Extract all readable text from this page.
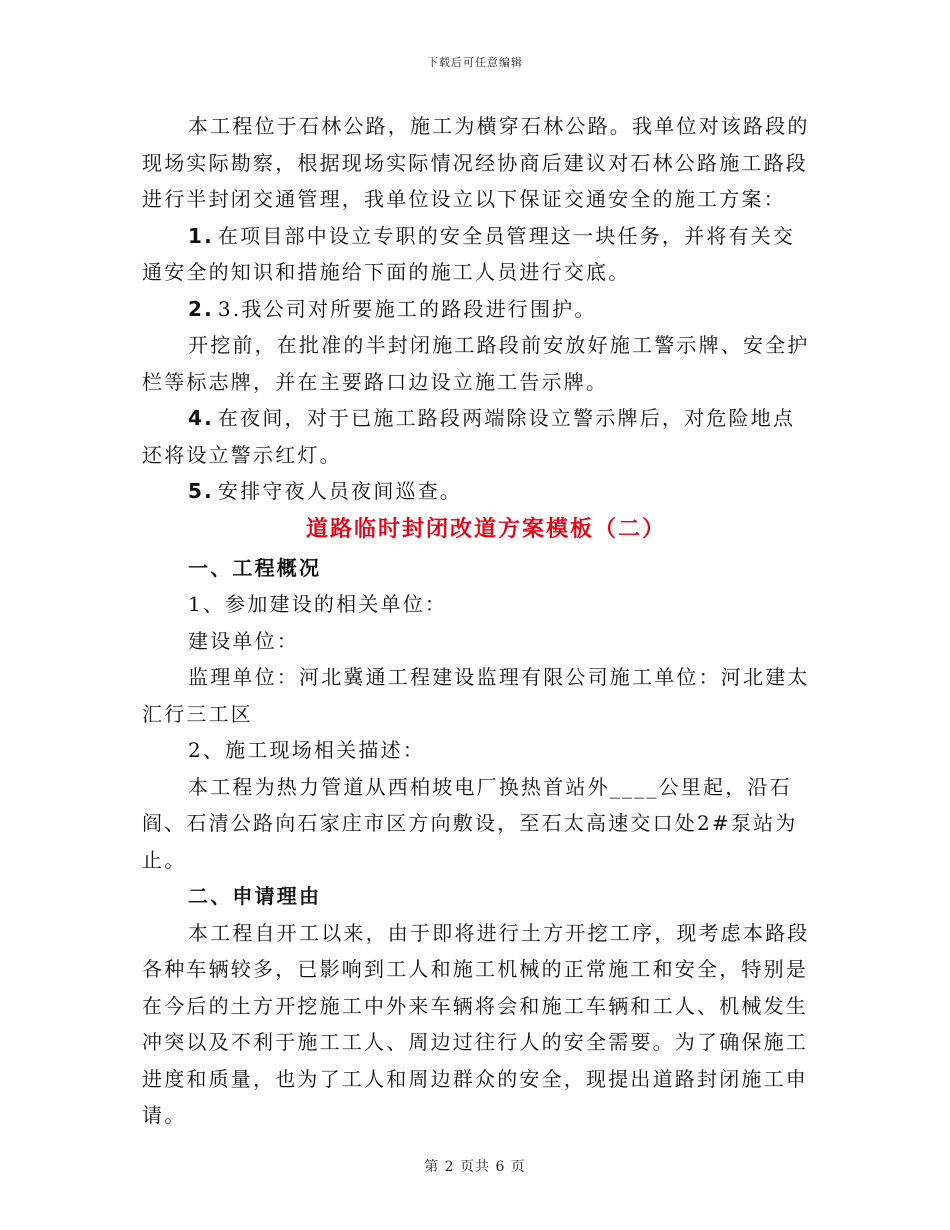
下载后可任意编辑

本工程位于石林公路，施工为横穿石林公路。我单位对该路段的现场实际勘察，根据现场实际情况经协商后建议对石林公路施工路段进行半封闭交通管理，我单位设立以下保证交通安全的施工方案：

1. 在项目部中设立专职的安全员管理这一块任务，并将有关交通安全的知识和措施给下面的施工人员进行交底。

2. 3.我公司对所要施工的路段进行围护。

开挖前，在批准的半封闭施工路段前安放好施工警示牌、安全护栏等标志牌，并在主要路口边设立施工告示牌。

4. 在夜间，对于已施工路段两端除设立警示牌后，对危险地点还将设立警示红灯。

5. 安排守夜人员夜间巡查。

道路临时封闭改道方案模板（二）

一、工程概况

1、参加建设的相关单位：

建设单位：

监理单位：河北冀通工程建设监理有限公司施工单位：河北建太汇行三工区

2、施工现场相关描述：

本工程为热力管道从西柏坡电厂换热首站外____公里起，沿石阎、石清公路向石家庄市区方向敷设，至石太高速交口处2#泵站为止。

二、申请理由

本工程自开工以来，由于即将进行土方开挖工序，现考虑本路段各种车辆较多，已影响到工人和施工机械的正常施工和安全，特别是在今后的土方开挖施工中外来车辆将会和施工车辆和工人、机械发生冲突以及不利于施工工人、周边过往行人的安全需要。为了确保施工进度和质量，也为了工人和周边群众的安全，现提出道路封闭施工申请。

第 2 页共 6 页
